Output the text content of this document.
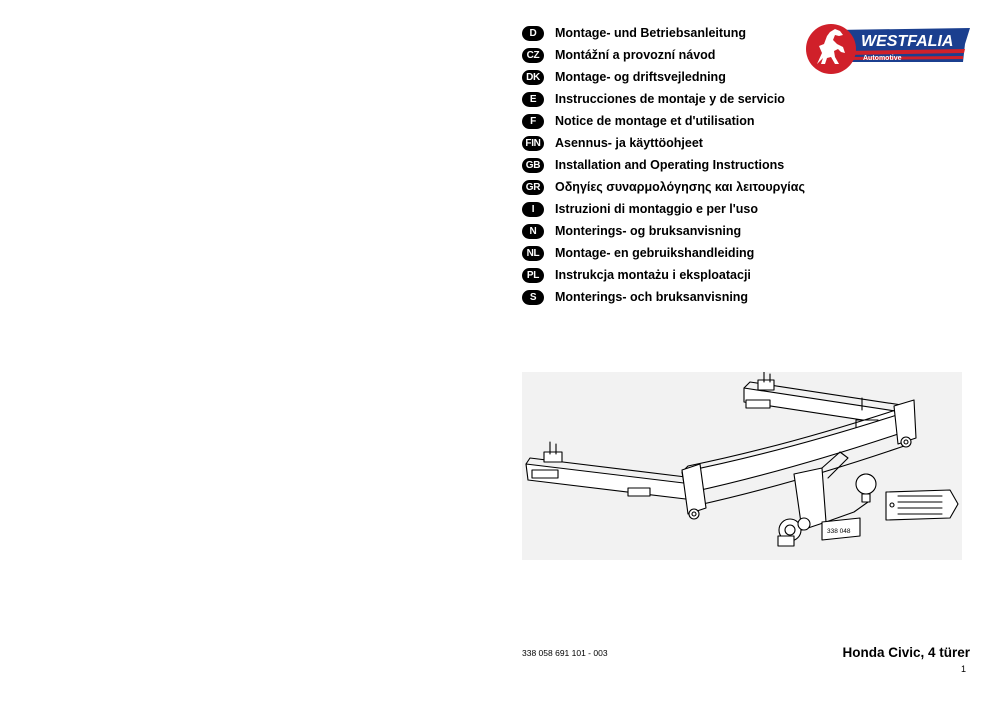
D	Montage- und Betriebsanleitung
CZ	Montážní a provozní návod
DK	Montage- og driftsvejledning
E	Instrucciones de montaje y de servicio
F	Notice de montage et d'utilisation
FIN Asennus- ja käyttöohjeet
GB	Installation and Operating Instructions
GR	Οδηγίες συναρμολόγησης και λειτουργίας
I	Istruzioni di montaggio e per l'uso
N	Monterings- og bruksanvisning
NL	Montage- en gebruikshandleiding
PL	Instrukcja montażu i eksploatacji
S	Monterings- och bruksanvisning
WESTFALIA
Automotive
338 048
338 058 691 101 - 003	Honda Civic, 4 türer
1
